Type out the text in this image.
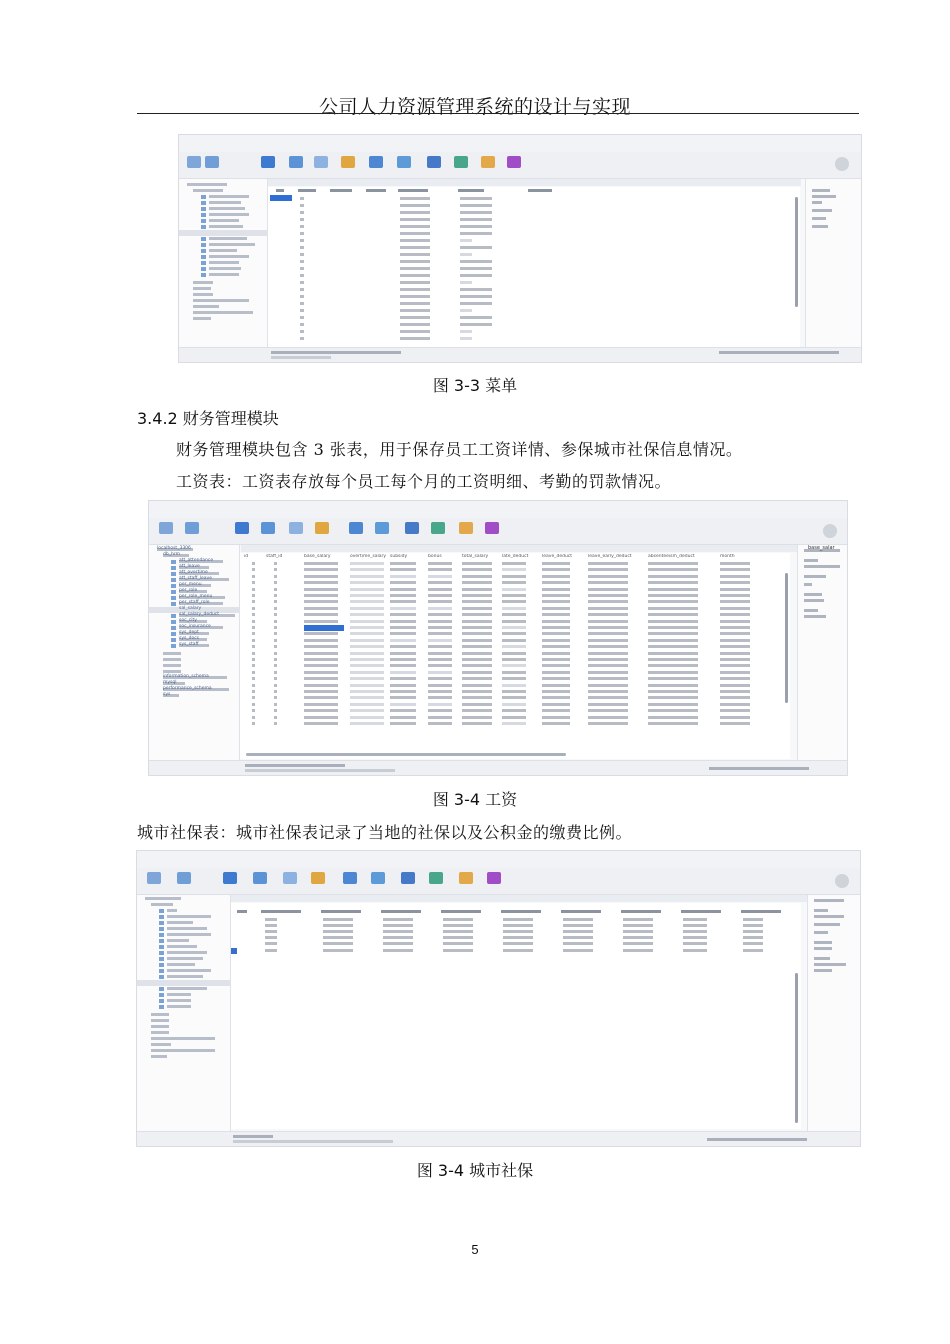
公司人力资源管理系统的设计与实现
图 3-3 菜单
3.4.2 财务管理模块
财务管理模块包含 3 张表，用于保存员工工资详情、参保城市社保信息情况。
工资表：工资表存放每个员工每个月的工资明细、考勤的罚款情况。
localhost_3306
db_hrm
att_attendance
att_leave
att_overtime
att_staff_leave
per_menu
per_role
per_role_menu
per_staff_role
sal_salary
sal_salary_deduct
soc_city
soc_insurance
sys_dept
sys_docs
sys_staff
information_schema
mysql
performance_schema
sys
id	staff_id	base_salary	overtime_salary subsidy	bonus	total_salary	late_deduct	leave_deduct	leave_early_deduct	absenteeism_deduct	month
base_salar
图 3-4 工资
城市社保表：城市社保表记录了当地的社保以及公积金的缴费比例。
图 3-4 城市社保
5
